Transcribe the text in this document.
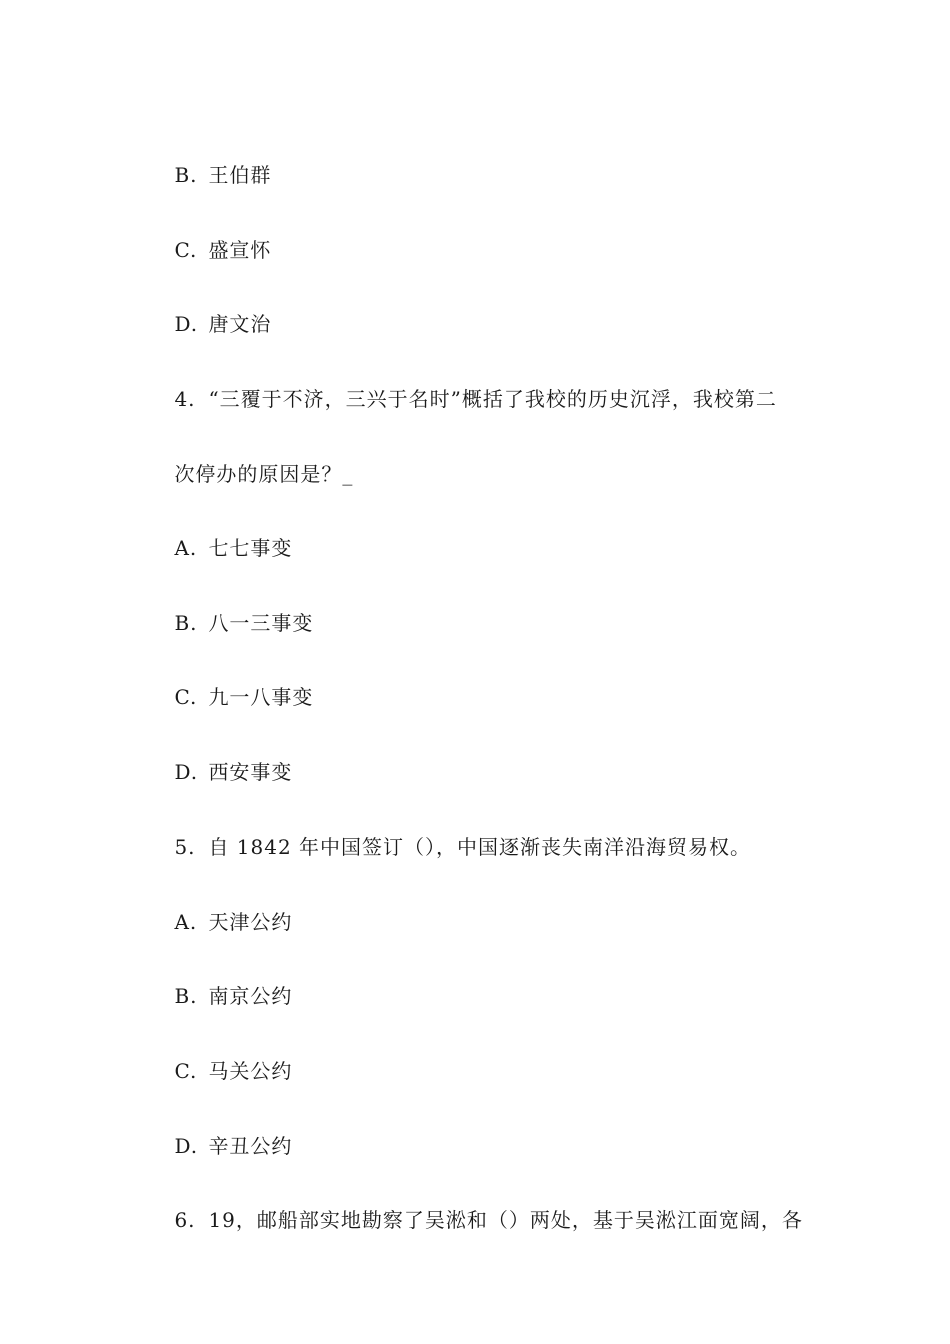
B. 王伯群

C. 盛宣怀

D. 唐文治

4. “三覆于不济，三兴于名时”概括了我校的历史沉浮，我校第二

次停办的原因是？_

A. 七七事变

B. 八一三事变

C. 九一八事变

D. 西安事变

5. 自 1842 年中国签订（），中国逐渐丧失南洋沿海贸易权。

A. 天津公约

B. 南京公约

C. 马关公约

D. 辛丑公约

6. 19，邮船部实地勘察了吴淞和（）两处，基于吴淞江面宽阔，各
